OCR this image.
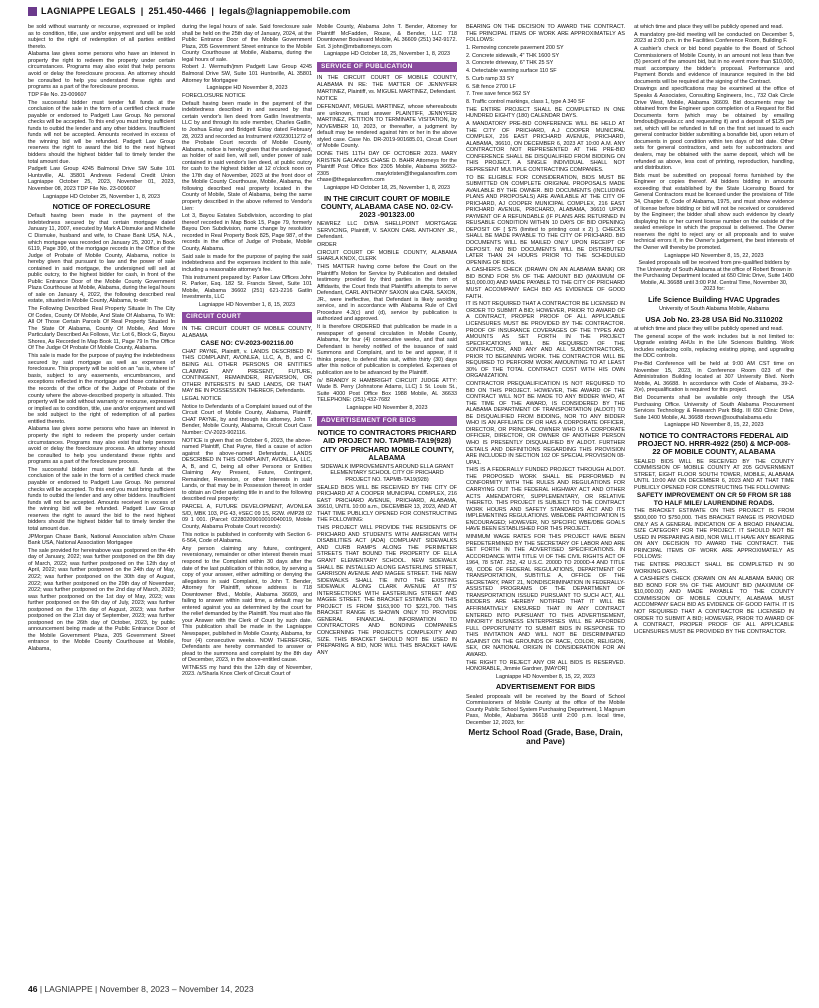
LAGNIAPPE LEGALS | 251.450-4466 | legals@lagniappemobile.com

be sold without warranty or recourse, expressed or implied as to condition, title, use and/or enjoyment and will be sold subject to the right of redemption of all parties entitled thereto.

Alabama law gives some persons who have an interest in property the right to redeem the property under certain circumstances. Programs may also exist that help persons avoid or delay the foreclosure process. An attorney should be consulted to help you understand these rights and programs as a part of the foreclosure process.

TDP File No. 23-009607

The successful bidder must tender full funds at the conclusion of the sale in the form of a certified check made payable or endorsed to Padgett Law Group. No personal checks will be accepted. To this end you must bring sufficient funds to outbid the lender and any other bidders. Insufficient funds will not be accepted. Amounts received in excess of the winning bid will be refunded. Padgett Law Group reserves the right to award the bid to the next highest bidders should the highest bidder fail to timely tender the total amount due.

Padgett Law Group 4245 Balmoral Drive SW Suite 101 Huntsville, AL 35801 Andrews Federal Credit Union Lagniappe October 25, 2023, November 01, 2023, November 08, 2023 TDP File No. 23-009607

Lagniappe HD October 25, November 1, 8, 2023

NOTICE OF FORECLOSURE

Default having been made in the payment of the indebtedness secured by that certain mortgage dated January 11, 2007, executed by Mark A Dismuke and Michelle C Dismuke, husband and wife, to Chase Bank USA, N.A., which mortgage was recorded on January 25, 2007, in Book 6119, Page 390, of the mortgage records in the Office of the Judge of Probate of Mobile County, Alabama, notice is hereby given that pursuant to law and the power of sale contained in said mortgage, the undersigned will sell at public outcry, to the highest bidder for cash, in front of the Public Entrance Door of the Mobile County Government Plaza Courthouse at Mobile, Alabama, during the legal hours of sale on January 4, 2022, the following described real estate, situated in Mobile County, Alabama, to-wit:

The Following Described Real Property Situate In The City Of Codes, County Of Mobile, And State Of Alabama, To Wit: All Of Those Certain Parcels Of Real Property Situated In The State Of Alabama, County Of Mobile, And More Particularly Described As Follows, Viz: Lot 6, Block G, Bayou Shores, As Recorded In Map Book 11, Page 79 In The Office Of The Judge Of Probate Of Mobile County, Alabama.

This sale is made for the purpose of paying the indebtedness secured by said mortgage as well as expenses of foreclosure. This property will be sold on an "as is, where is" basis, subject to any easements, encumbrances, and exceptions reflected in the mortgage and those contained in the records of the office of the Judge of Probate of the county where the above-described property is situated. This property will be sold without warranty or recourse, expressed or implied as to condition, title, use and/or enjoyment and will be sold subject to the right of redemption of all parties entitled thereto.

Alabama law gives some persons who have an interest in property the right to redeem the property under certain circumstances. Programs may also exist that help persons avoid or delay the foreclosure process. An attorney should be consulted to help you understand these rights and programs as a part of the foreclosure process.

The successful bidder must tender full funds at the conclusion of the sale in the form of a certified check made payable or endorsed to Padgett Law Group. No personal checks will be accepted. To this end you must bring sufficient funds to outbid the lender and any other bidders. Insufficient funds will not be accepted. Amounts received in excess of the winning bid will be refunded. Padgett Law Group reserves the right to award the bid to the next highest bidders should the highest bidder fail to timely tender the total amount due.

JPMorgan Chase Bank, National Association s/b/m Chase Bank USA, National Association Mortgagee

The sale provided for hereinabove was postponed on the 4th day of January, 2022; was further postponed on the 8th day of March, 2022; was further postponed on the 12th day of April, 2022; was further postponed on the 24th day of May, 2022; was further postponed on the 30th day of August, 2022; was further postponed on the 29th day of November, 2022; was further postponed on the 2nd day of March, 2023; was further postponed on the 1st day of May, 2023; was further postponed on the 6th day of July, 2023; was further postponed on the 17th day of August, 2023; was further postponed on the 21st day of September, 2023; was further postponed on the 26th day of October, 2023, by public announcement being made at the Public Entrance Door of the Mobile Government Plaza, 205 Government Street entrance to the Mobile County Courthouse at Mobile, Alabama,

during the legal hours of sale. Said foreclosure sale shall be held on the 25th day of January, 2024, at the Public Entrance Door of the Mobile Government Plaza, 205 Government Street entrance to the Mobile County Courthouse at Mobile, Alabama, during the legal hours of sale.

Robert J. Wermuth/jmm Padgett Law Group 4245 Balmoral Drive SW, Suite 101 Huntsville, AL 35801 Attorney for Mortgagee

Lagniappe HD November 8, 2023

FORECLOSURE NOTICE

Default having been made in the payment of the indebtedness described in and secured by that certain vendor's lien deed from Gatlin Investments, LLC by and through its sole member, Charles Gatlin, to Joshua Estay and Bridgett Estay dated February 28, 2023 and recorded as Instrument #2023011272 of the Probate Court records of Mobile County, Alabama, notice is hereby given that the undersigned, as holder of said lien, will sell, under power of sale contained in said vendor's lien deed, at public outcry for cash to the highest bidder at 12 o'clock noon on the 17th day of November, 2023 at the front door of the Mobile County Courthouse, Mobile, Alabama, the following described real property located in the County of Mobile, State of Alabama, being the same property described in the above referred to Vendor's Lien:

Lot 3, Bayou Estates Subdivision, according to plat thereof recorded in Map Book 15, Page 79, formerly Bayou Don Subdivision, name change by resolution recorded in Real Property Book 825, Page 987, of the records in the office of Judge of Probate, Mobile County, Alabama.

Said sale is made for the purpose of paying the said indebtedness and the expenses incident to this sale, including a reasonable attorney's fee.

This instrument prepared by: Parker Law Offices John R. Parker, Esq. 182 St. Francis Street, Suite 101 Mobile, Alabama 36602 (251) 621-2216 Gatlin Investments, LLC

Lagniappe HD November 1, 8, 15, 2023

CIRCUIT COURT

IN THE CIRCUIT COURT OF MOBILE COUNTY, ALABAMA

CASE NO: CV-2023-902116.00

CHAT PAYNE, Plaintiff, v. LANDS DESCRIBED IN THIS COMPLAINT, AVONLEA, LLC, A, B, and C, BEING ALL OTHER PERSONS OR ENTITIES CLAIMING ANY PRESENT, FUTURE, CONTINGENT, REMAINDER, REVERSION, OR OTHER INTERESTS IN SAID LANDS, OR THAT MAY BE IN POSSESSION THEREOF, Defendants.

LEGAL NOTICE

Notice to Defendants of a Complaint issued out of the Circuit Court of Mobile County, Alabama, Plaintiff, CHAT PAYNE, by and through his attorney, John T. Bender, Mobile County, Alabama, Circuit Court Case Number: CV-2023-902116.

NOTICE is given that on October 6, 2023, the above-named Plaintiff, Chat Payne, filed a cause of action against the above-named Defendants, LANDS DESCRIBED IN THIS COMPLAINT, AVONLEA, LLC, A, B, and C, being all other Persons or Entities Claiming Any Present, Future, Contingent, Remainder, Reversion, or other Interests in said Lands, or that may be in Possession thereof; in order to obtain an Order quieting title in and to the following described real property:

PARCEL A, FUTURE DEVELOPMENT, AVONLEA S/D, MBK 103, PG 43, #SEC 09 1S, R2W. #MP28 02 09 1 001. (Parcel: 02280209010010040019, Mobile County, Alabama Probate Court records):

This notice is published in conformity with Section 6-6-564, Code of Alabama.

Any person claiming any future, contingent, reversionary, remainder or other interest therein must respond to the Complaint within 30 days after the date of the last publication of this notice, by serving a copy of your answer, either admitting or denying the allegations in said Complaint, to John T. Bender, Attorney for Plaintiff, whose address is 718 Downtowner Blvd., Mobile, Alabama 36609, and failing to answer within said time, a default may be entered against you as determined by the court for the relief demanded by the Plaintiff. You must also file your Answer with the Clerk of Court by such date. This publication shall be made in the Lagniappe Newspaper, published in Mobile County, Alabama, for four (4) consecutive weeks. NOW THEREFORE, Defendants are hereby commanded to answer or plead to the summons and complaint by the 8th day of December, 2023, in the above-entitled cause.

WITNESS my hand this the 12th day of November, 2023. /s/Sharla Knox Clerk of Circuit Court of

Mobile County, Alabama John T. Bender, Attorney for Plaintiff McFadden, Rouse, & Bender, LLC 718 Downtowner Boulevard Mobile, AL 36609 (251) 342-9172. Ext. 3 john@mrbattorneys.com

Lagniappe HD October 18, 25, November 1, 8, 2023

SERVICE OF PUBLICATION

IN THE CIRCUIT COURT OF MOBILE COUNTY, ALABAMA IN RE: THE MATTER OF JENNYFER MARTINEZ, Plaintiff, vs. MIGUEL MARTINEZ, Defendant.

NOTICE

DEFENDANT, MIGUEL MARTINEZ, whose whereabouts are unknown, must answer PLAINTIFF, JENNYFER MARTINEZ, PETITION TO TERMINATE VISITATION, by NOVEMBER 10, 2023, or thereafter, a judgment by default may be rendered against him or her in the above styled case. Case No. DR-2019-901685.01, Circuit Court of Mobile County.

DONE THIS 11TH DAY OF OCTOBER 2023. MARY KRISTEN GALANOS CHASE D. BAHR Attorneys for the Plaintiff Post Office Box 2305 Mobile, Alabama 36652-2305 marykristen@thegalanosfirm.com chase@thegalanosfirm.com

Lagniappe HD October 18, 25, November 1, 8, 2023

IN THE CIRCUIT COURT OF MOBILE COUNTY, ALABAMA CASE NO. 02-CV-2023 -901323.00

NEWREZ LLC D/B/A SHELLPOINT MORTGAGE SERVICING, Plaintiff, V. SAXON CARL ANTHONY JR., Defendant.

ORDER

CIRCUIT COURT OF MOBILE COUNTY, ALABAMA SHARLA KNOX, CLERK

THIS MATTER having come before the Court on the Plaintiff's Motion for Service by Publication and detailed testimony provided by third parties in the form of Affidavits, the Court finds that Plaintiff's attempts to serve Defendant, CARL ANTHONY SAXON aka CARL SAXON, JR., were ineffective, that Defendant is likely avoiding service, and in accordance with Alabama Rule of Civil Procedure 4.3(c) and (d), service by publication is authorized and approved.

It is therefore ORDERED that publication be made in a newspaper of general circulation in Mobile County, Alabama, for four (4) consecutive weeks, and that said Defendant is hereby notified of the issuance of said Summons and Complaint, and to be and appear, if it thinks proper, to defend this suit, within thirty (30) days after this notice of publication is completed. Expenses of publication are to be advanced by the Plaintiff.

/s/ BRANDY R HAMBRIGHT CIRCUIT JUDGE ATTY: Wade B. Perry (Johnstone Adams, LLC) 1 St. Louis St., Suite 4000 Post Office Box 1988 Mobile, AL 36633 TELEPHONE: (251) 432-7682

Lagniappe HD November 8, 2023

ADVERTISEMENT FOR BIDS
NOTICE TO CONTRACTORS PRICHARD AID PROJECT NO. TAPMB-TA19(928) CITY OF PRICHARD MOBILE COUNTY, ALABAMA

SIDEWALK IMPROVEMENTS AROUND ELLA GRANT ELEMENTARY SCHOOL CITY OF PRICHARD PROJECT NO. TAPMB-TA19(928)

SEALED BIDS WILL BE RECEIVED BY THE CITY OF PRICHARD AT A COOPER MUNICIPAL COMPLEX, 216 EAST PRICHARD AVENUE, PRICHARD, ALABAMA, 36610, UNTIL 10:00 a.m., DECEMBER 13, 2023, AND AT THAT TIME PUBLICLY OPENED FOR CONSTRUCTING THE FOLLOWING:

THIS PROJECT WILL PROVIDE THE RESIDENTS OF PRICHARD AND STUDENTS WITH AMERICAN WITH DISABILITIES ACT (ADA) COMPLIANT SIDEWALKS AND CURB RAMPS ALONG THE PERIMETER STREETS THAT BOUND THE PROPERTY OF ELLA GRANT ELEMENTARY SCHOOL. NEW SIDEWALK SHALL BE INSTALLED ALONG EASTERLING STREET, GARRISON AVENUE AND MAGEE STREET. THE NEW SIDEWALKS SHALL TIE INTO THE EXISTING SIDEWALK ALONG CLARK AVENUE AT ITS' INTERSECTIONS WITH EASTERLING STREET AND MAGEE STREET. THE BRACKET ESTIMATE ON THIS PROJECT IS FROM $163,900 TO $221,700. THIS BRACKET RANGE IS SHOWN ONLY TO PROVIDE GENERAL FINANCIAL INFORMATION TO CONTRACTORS AND BONDING COMPANIES CONCERNING THE PROJECT'S COMPLEXITY AND SIZE. THIS BRACKET SHOULD NOT BE USED IN PREPARING A BID, NOR WILL THIS BRACKET HAVE ANY

BEARING ON THE DECISION TO AWARD THE CONTRACT. THE PRINCIPAL ITEMS OF WORK ARE APPROXIMATELY AS FOLLOWS:

1. Removing concrete pavement 200 SY

2. Concrete sidewalk, 4" THK 1600 SY

3. Concrete driveway, 6" THK 25 SY

4. Detectable warning surface 110 SF

5. Curb ramp 33 SY

6. Silt fence 2700 LF

7. Tree save fence 562 SY

8. Traffic control markings, class 1, type A 340 SF

THE ENTIRE PROJECT SHALL BE COMPLETED IN ONE HUNDRED EIGHTY (180) CALENDAR DAYS.

A MANDATORY PRE-BID CONFERENCE WILL BE HELD AT THE CITY OF PRICHARD, A.J COOPER MUNICIPAL COMPLEX, 216 EAST PRICHARD AVENUE, PRICHARD, ALABAMA, 36610, ON DECEMBER 6, 2023 AT 10:00 A.M. ANY CONTRACTOR NOT REPRESENTED AT THE PRE-BID CONFERENCE SHALL BE DISQUALIFIED FROM BIDDING ON THIS PROJECT. A SINGLE INDIVIDUAL SHALL NOT REPRESENT MULTIPLE CONTRACTING COMPANIES.

TO BE ELIGIBLE FOR CONSIDERATION, BIDS MUST BE SUBMITTED ON COMPLETE ORIGINAL PROPOSALS MADE AVAILABLE BY THE OWNER. BID DOCUMENTS (INCLUDING PLANS AND PROPOSALS) ARE AVAILABLE AT THE CITY OF PRICHARD, AJ COOPER MUNICIPAL COMPLEX, 216 EAST PRICHARD AVENUE, PRICHARD, ALABAMA, 36610 UPON PAYMENT OF A REFUNDABLE (IF PLANS ARE RETURNED IN REUSABLE CONDITION WITHIN 10 DAYS OF BID OPENING) DEPOSIT OF [ $75 (limited to printing cost x 2) ]. CHECKS SHALL BE MADE PAYABLE TO THE CITY OF PRICHARD. BID DOCUMENTS WILL BE MAILED ONLY UPON RECEIPT OF DEPOSIT. NO BID DOCUMENTS WILL BE DISTRIBUTED LATER THAN 24 HOURS PRIOR TO THE SCHEDULED OPENING OF BIDS.

A CASHIER'S CHECK (DRAWN ON AN ALABAMA BANK) OR BID BOND FOR 5% OF THE AMOUNT BID (MAXIMUM OF $10,000.00) AND MADE PAYABLE TO THE CITY OF PRICHARD MUST ACCOMPANY EACH BID AS EVIDENCE OF GOOD FAITH.

IT IS NOT REQUIRED THAT A CONTRACTOR BE LICENSED IN ORDER TO SUBMIT A BID; HOWEVER, PRIOR TO AWARD OF A CONTRACT, PROPER PROOF OF ALL APPLICABLE LICENSURES MUST BE PROVIDED BY THE CONTRACTOR. PROOF OF INSURANCE COVERAGES OF THE TYPES AND AMOUNTS AS SET FORTH IN THE PROJECT SPECIFICATIONS WILL BE REQUIRED OF THE CONTRACTOR, AND ANY AND ALL SUBCONTRACTORS, PRIOR TO BEGINNING WORK. THE CONTRACTOR WILL BE REQUIRED TO PERFORM WORK AMOUNTING TO AT LEAST 30% OF THE TOTAL CONTRACT COST WITH HIS OWN ORGANIZATION.

CONTRACTOR PREQUALIFICATION IS NOT REQUIRED TO BID ON THIS PROJECT. HOWEVER, THE AWARD OF THE CONTRACT WILL NOT BE MADE TO ANY BIDDER WHO, AT THE TIME OF THE AWARD, IS CONSIDERED BY THE ALABAMA DEPARTMENT OF TRANSPORTATION (ALDOT) TO BE DISQUALIFIED FROM BIDDING, NOR TO ANY BIDDER WHO IS AN AFFILIATE OF OR HAS A CORPORATE OFFICER, DIRECTOR, OR PRINCIPAL OWNER WHO IS A CORPORATE OFFICER, DIRECTOR, OR OWNER OF ANOTHER PERSON WHO IS PRESENTLY DISQUALIFIED BY ALDOT. FURTHER DETAILS AND DEFINITIONS REGARDING THIS PROVISION ARE INCLUDED IN SECTION 102 OF SPECIAL PROVISION 08-UPA1.

THIS IS A FEDERALLY FUNDED PROJECT THROUGH ALDOT. THE PROPOSED WORK SHALL BE PERFORMED IN CONFORMITY WITH THE RULES AND REGULATIONS FOR CARRYING OUT THE FEDERAL HIGHWAY ACT AND OTHER ACTS AMENDATORY, SUPPLEMENTARY, OR RELATIVE THERETO. THIS PROJECT IS SUBJECT TO THE CONTRACT WORK HOURS AND SAFETY STANDARDS ACT AND ITS IMPLEMENTING REGULATIONS. WBE/DBE PARTICIPATION IS ENCOURAGED; HOWEVER, NO SPECIFIC WBE/DBE GOALS HAVE BEEN ESTABLISHED FOR THIS PROJECT.

MINIMUM WAGE RATES FOR THIS PROJECT HAVE BEEN PREDETERMINED BY THE SECRETARY OF LABOR AND ARE SET FORTH IN THE ADVERTISED SPECIFICATIONS. IN ACCORDANCE WITH TITLE VI OF THE CIVIL RIGHTS ACT OF 1964, 78 STAT. 252, 42 U.S.C. 2000D TO 2000D-4 AND TITLE 49, CODE OF FEDERAL REGULATIONS, DEPARTMENT OF TRANSPORTATION, SUBTITLE A, OFFICE OF THE SECRETARY, PART 21, NONDISCRIMINATION IN FEDERALLY-ASSISTED PROGRAMS OF THE DEPARTMENT OF TRANSPORTATION ISSUED PURSUANT TO SUCH ACT, ALL BIDDERS ARE HEREBY NOTIFIED THAT IT WILL BE AFFIRMATIVELY ENSURED THAT IN ANY CONTRACT ENTERED INTO PURSUANT TO THIS ADVERTISEMENT, MINORITY BUSINESS ENTERPRISES WILL BE AFFORDED FULL OPPORTUNITY TO SUBMIT BIDS IN RESPONSE TO THIS INVITATION AND WILL NOT BE DISCRIMINATED AGAINST ON THE GROUNDS OF RACE, COLOR, RELIGION, SEX, OR NATIONAL ORIGIN IN CONSIDERATION FOR AN AWARD.

THE RIGHT TO REJECT ANY OR ALL BIDS IS RESERVED. HONORABLE, Jimmie Gardner, [MAYOR]

Lagniappe HD November 8, 15, 22, 2023

ADVERTISEMENT FOR BIDS

Sealed proposals will be received by the Board of School Commissioners of Mobile County at the office of the Mobile County Public School System Purchasing Department, 1 Magnum Pass, Mobile, Alabama 36618 until 2:00 p.m. local time, December 12, 2023, for:

Mertz School Road (Grade, Base, Drain, and Pave)

at which time and place they will be publicly opened and read.

A mandatory pre-bid meeting will be conducted on December 5, 2023 at 2:00 p.m. in the Facilities Conference Room, Building F.

A cashier's check or bid bond payable to the Board of School Commissioners of Mobile County, in an amount not less than five (5) percent of the amount bid, but in no event more than $10,000, must accompany the bidder's proposal. Performance and Payment Bonds and evidence of insurance required in the bid documents will be required at the signing of the Contract.

Drawings and specifications may be examined at the office of Speaks & Associates, Consulting Engineers, Inc., 732 Oak Circle Drive West, Mobile, Alabama 36609. Bid documents may be obtained from the Engineer upon completion of a Request for Bid Documents form (which may be obtained by emailing bmdoub@speaks.cc and requesting it) and a deposit of $125 per set, which will be refunded in full on the first set issued to each general contractor bidder submitting a bonafide bid, upon return of documents in good condition within ten days of bid date. Other sets for general contractors, and sets for subcontractors and dealers, may be obtained with the same deposit, which will be refunded as above, less cost of printing, reproduction, handling, and distribution.

Bids must be submitted on proposal forms furnished by the Engineer or copies thereof. All bidders bidding in amounts exceeding that established by the State Licensing Board for General Contractors must be licensed under the provisions of Title 34, Chapter 8, Code of Alabama, 1975, and must show evidence of license before bidding or bid will not be received or considered by the Engineer; the bidder shall show such evidence by clearly displaying his or her current license number on the outside of the sealed envelope in which the proposal is delivered. The Owner reserves the right to reject any or all proposals and to waive technical errors if, in the Owner's judgement, the best interests of the Owner will thereby be promoted.

Lagniappe HD November 8, 15, 22, 2023

Sealed proposals will be received from pre-qualified bidders by The University of South Alabama at the office of Robert Brown in the Purchasing Department located at 650 Clinic Drive, Suite 1400 Mobile, AL 36688 until 3:00 P.M. Central Time, November 30, 2023 for:

Life Science Building HVAC Upgrades

University of South Alabama Mobile, Alabama

USA Job No. 23-28 USA Bid No.3110202

at which time and place they will be publicly opened and read.

The general scope of the work includes but is not limited to: Upgrade existing AHUs in the Life Sciences Building. Work includes replacing coils, replacing existing piping, and upgrading the DDC controls.

Pre-Bid Conference will be held at 9:00 AM CST time on November 15, 2023, in Conference Room 023 of the Administration Building located at 307 University Blvd. North Mobile, AL 36688. In accordance with Code of Alabama, 39-2-2(e), prequalification is required for this project.

Bid Documents shall be available only through the USA Purchasing Office. University of South Alabama Procurement Services Technology & Research Park Bldg. III 650 Clinic Drive, Suite 1400 Mobile, AL 36688 rbrown@southalabama.edu

Lagniappe HD November 8, 15, 22, 2023

NOTICE TO CONTRACTORS FEDERAL AID PROJECT NO. HRRR-4922 (250) & MCP-008-22 OF MOBILE COUNTY, ALABAMA

SEALED BIDS WILL BE RECEIVED BY THE COUNTY COMMISSION OF MOBILE COUNTY AT 205 GOVERNMENT STREET, EIGHT FLOOR SOUTH TOWER, MOBILE, ALABAMA UNTIL 10:00 AM ON DECEMBER 6, 2023 AND AT THAT TIME PUBLICLY OPENED FOR CONSTRUCTING THE FOLLOWING:

SAFETY IMPROVEMENT ON CR 59 FROM SR 188 TO HALF MILE/ LAURENDINE ROADS.

THE BRACKET ESTIMATE ON THIS PROJECT IS FROM $500,000 TO $750,000. THIS BRACKET RANGE IS PROVIDED ONLY AS A GENERAL INDICATION OF A BROAD FINANCIAL SIZE CATEGORY FOR THE PROJECT. IT SHOULD NOT BE USED IN PREPARING A BID, NOR WILL IT HAVE ANY BEARING ON ANY DECISION TO AWARD THE CONTRACT. THE PRINCIPAL ITEMS OF WORK ARE APPROXIMATELY AS FOLLOWS:

THE ENTIRE PROJECT SHALL BE COMPLETED IN 90 WORKING DAYS.

A CASHIER'S CHECK (DRAWN ON AN ALABAMA BANK) OR BID BOND FOR 5% OF THE AMOUNT BID (MAXIMUM OF $10,000.00) AND MADE PAYABLE TO THE COUNTY COMMISSION OF MOBILE COUNTY, ALABAMA MUST ACCOMPANY EACH BID AS EVIDENCE OF GOOD FAITH. IT IS NOT REQUIRED THAT A CONTRACTOR BE LICENSED IN ORDER TO SUBMIT A BID; HOWEVER, PRIOR TO AWARD OF A CONTRACT, PROPER PROOF OF ALL APPLICABLE LICENSURES MUST BE PROVIDED BY THE CONTRACTOR.

46 | LAGNIAPPE | November 8, 2023 – November 14, 2023
